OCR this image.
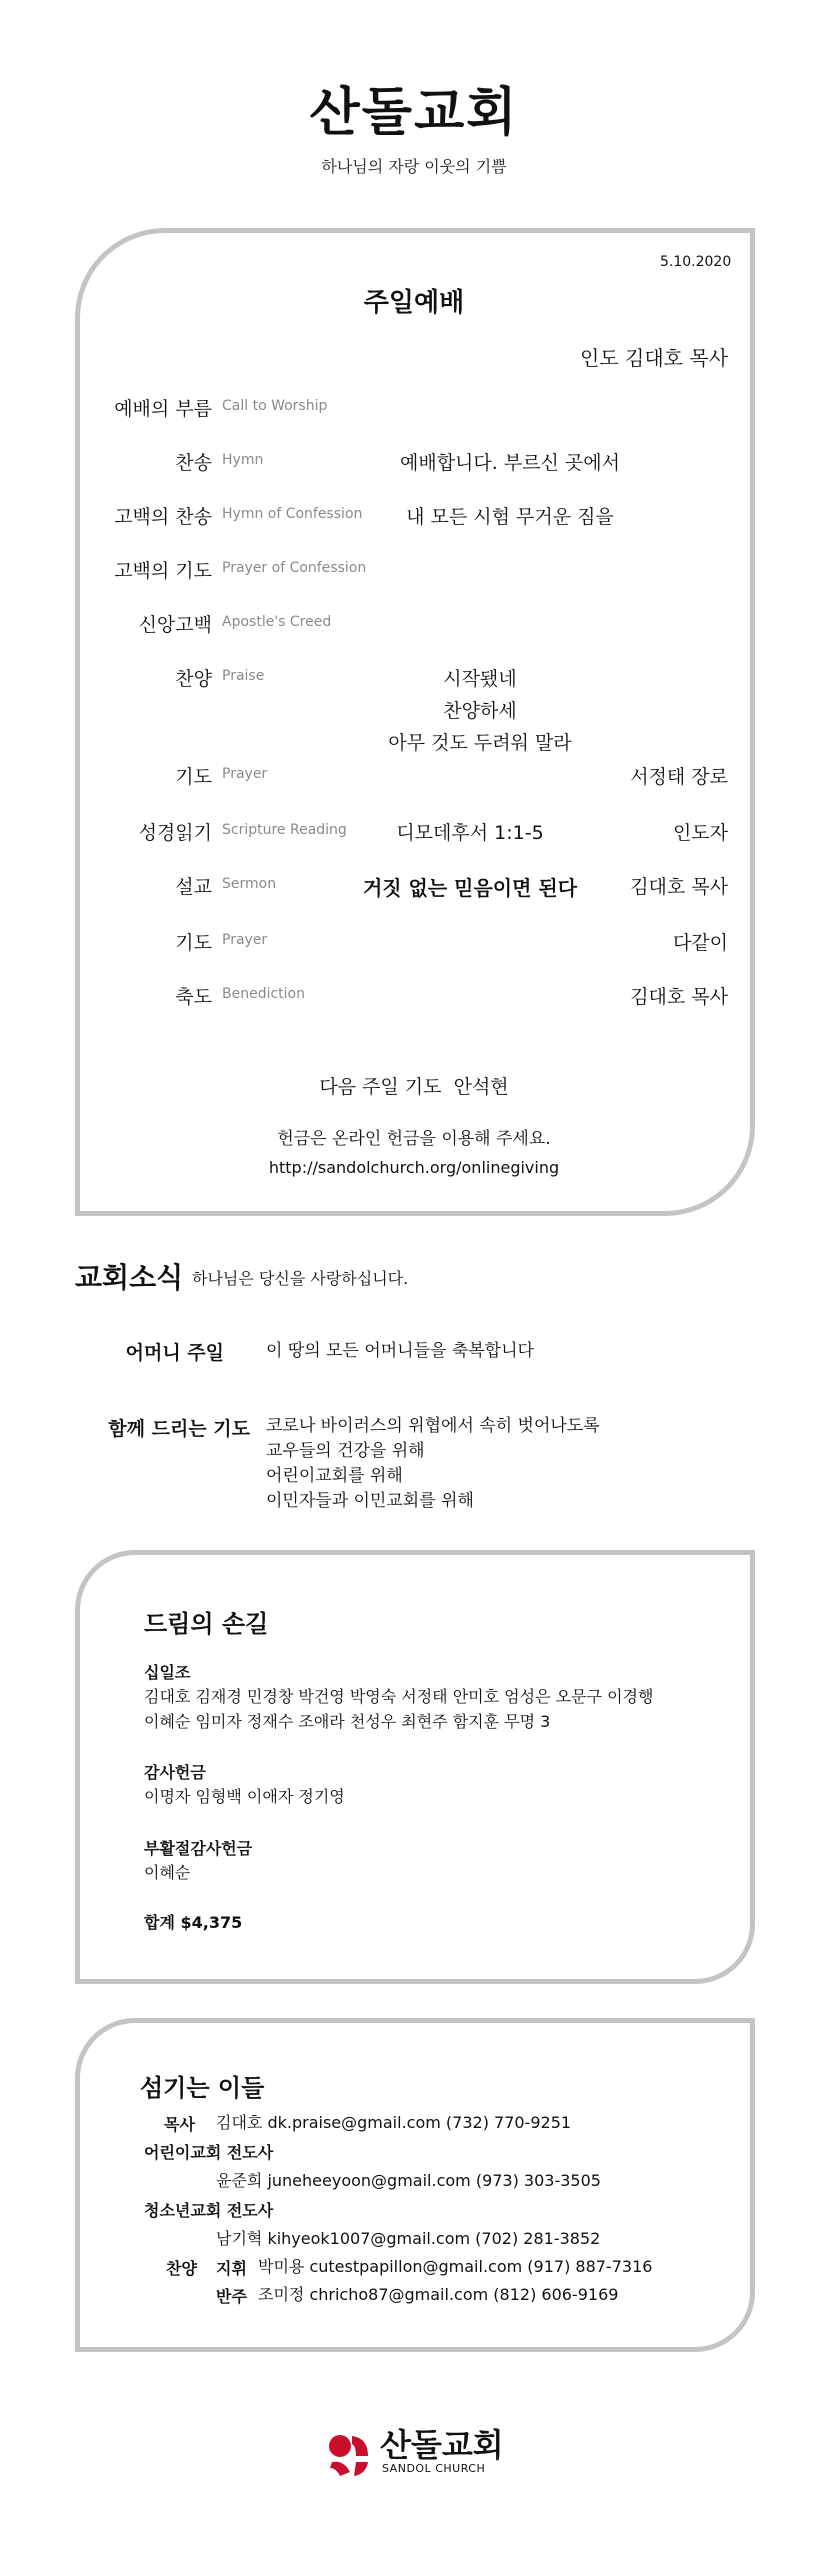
산돌교회
하나님의 자랑 이웃의 기쁨
5.10.2020
주일예배
인도 김대호 목사
예배의 부름 Call to Worship
찬송 Hymn	예배합니다. 부르신 곳에서
고백의 찬송 Hymn of Confession	내 모든 시험 무거운 짐을
고백의 기도 Prayer of Confession
신앙고백 Apostle's Creed
찬양 Praise	시작됐네
찬양하세
아무 것도 두려워 말라
기도 Prayer	서정태 장로
성경읽기 Scripture Reading	디모데후서 1:1-5	인도자
설교 Sermon	거짓 없는 믿음이면 된다	김대호 목사
기도 Prayer	다같이
축도 Benediction	김대호 목사
다음 주일 기도  안석현
헌금은 온라인 헌금을 이용해 주세요.
http://sandolchurch.org/onlinegiving
교회소식 하나님은 당신을 사랑하십니다.
어머니 주일 이 땅의 모든 어머니들을 축복합니다
함께 드리는 기도 코로나 바이러스의 위협에서 속히 벗어나도록
교우들의 건강을 위해
어린이교회를 위해
이민자들과 이민교회를 위해
드림의 손길
십일조
김대호 김재경 민경창 박건영 박영숙 서정태 안미호 엄성은 오문구 이경행
이혜순 임미자 정재수 조애라 천성우 최현주 함지훈 무명 3
감사헌금
이명자 임형백 이애자 정기영
부활절감사헌금
이혜순
합계 $4,375
섬기는 이들
목사 김대호 dk.praise@gmail.com (732) 770-9251
어린이교회 전도사
윤준희 juneheeyoon@gmail.com (973) 303-3505
청소년교회 전도사
남기혁 kihyeok1007@gmail.com (702) 281-3852
찬양 지휘 박미용 cutestpapillon@gmail.com (917) 887-7316
반주 조미정 chricho87@gmail.com (812) 606-9169
산돌교회
SANDOL CHURCH
